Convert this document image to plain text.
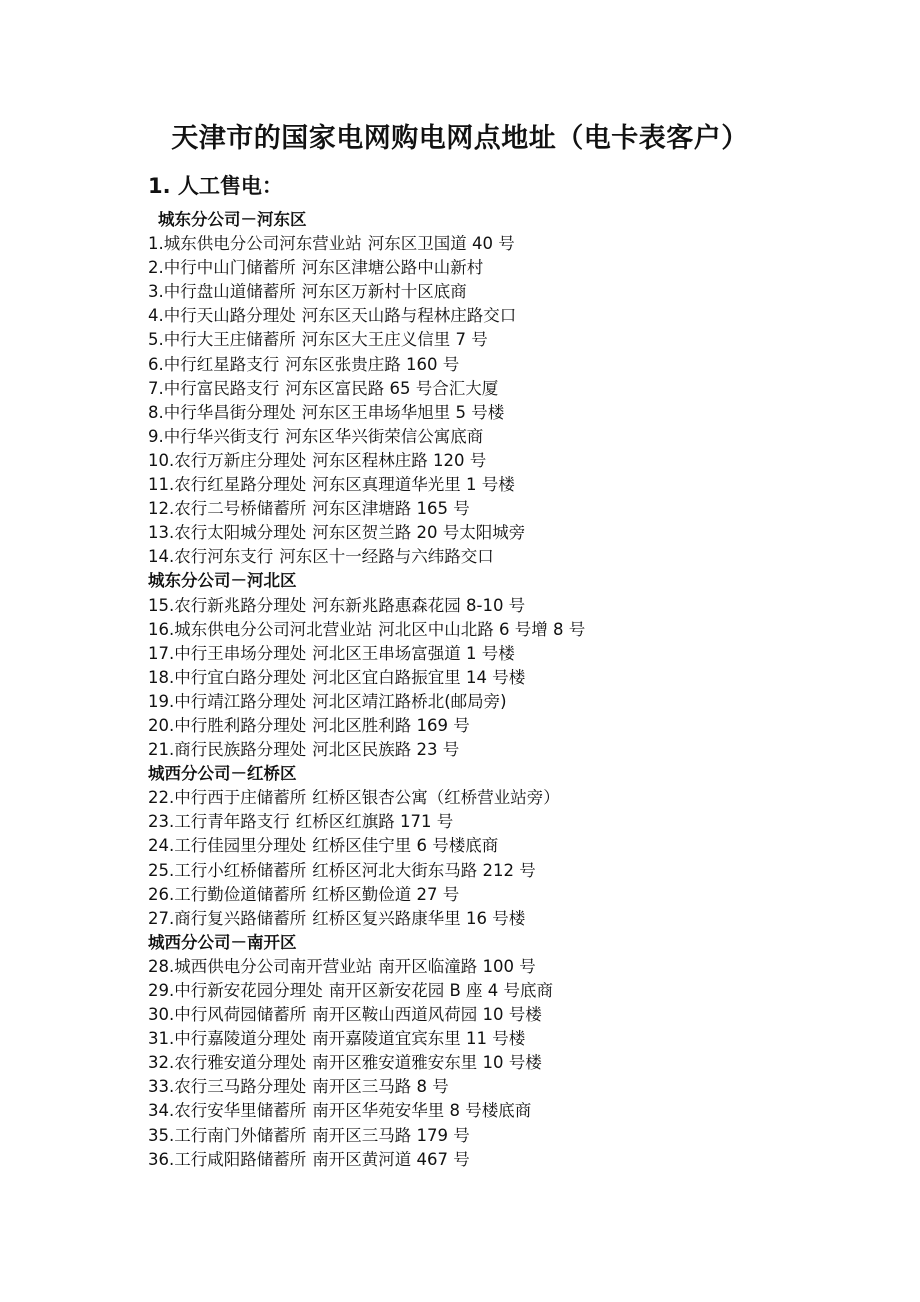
天津市的国家电网购电网点地址（电卡表客户）
1. 人工售电：
城东分公司－河东区
1.城东供电分公司河东营业站 河东区卫国道 40 号
2.中行中山门储蓄所 河东区津塘公路中山新村
3.中行盘山道储蓄所 河东区万新村十区底商
4.中行天山路分理处 河东区天山路与程林庄路交口
5.中行大王庄储蓄所 河东区大王庄义信里 7 号
6.中行红星路支行 河东区张贵庄路 160 号
7.中行富民路支行 河东区富民路 65 号合汇大厦
8.中行华昌街分理处 河东区王串场华旭里 5 号楼
9.中行华兴街支行 河东区华兴街荣信公寓底商
10.农行万新庄分理处 河东区程林庄路 120 号
11.农行红星路分理处 河东区真理道华光里 1 号楼
12.农行二号桥储蓄所 河东区津塘路 165 号
13.农行太阳城分理处 河东区贺兰路 20 号太阳城旁
14.农行河东支行 河东区十一经路与六纬路交口
城东分公司－河北区
15.农行新兆路分理处 河东新兆路惠森花园 8-10 号
16.城东供电分公司河北营业站 河北区中山北路 6 号增 8 号
17.中行王串场分理处 河北区王串场富强道 1 号楼
18.中行宜白路分理处 河北区宜白路振宜里 14 号楼
19.中行靖江路分理处 河北区靖江路桥北(邮局旁)
20.中行胜利路分理处 河北区胜利路 169 号
21.商行民族路分理处 河北区民族路 23 号
城西分公司－红桥区
22.中行西于庄储蓄所 红桥区银杏公寓（红桥营业站旁）
23.工行青年路支行 红桥区红旗路 171 号
24.工行佳园里分理处 红桥区佳宁里 6 号楼底商
25.工行小红桥储蓄所 红桥区河北大街东马路 212 号
26.工行勤俭道储蓄所 红桥区勤俭道 27 号
27.商行复兴路储蓄所 红桥区复兴路康华里 16 号楼
城西分公司－南开区
28.城西供电分公司南开营业站 南开区临潼路 100 号
29.中行新安花园分理处 南开区新安花园 B 座 4 号底商
30.中行风荷园储蓄所 南开区鞍山西道风荷园 10 号楼
31.中行嘉陵道分理处 南开嘉陵道宜宾东里 11 号楼
32.农行雅安道分理处 南开区雅安道雅安东里 10 号楼
33.农行三马路分理处 南开区三马路 8 号
34.农行安华里储蓄所 南开区华苑安华里 8 号楼底商
35.工行南门外储蓄所 南开区三马路 179 号
36.工行咸阳路储蓄所 南开区黄河道 467 号
